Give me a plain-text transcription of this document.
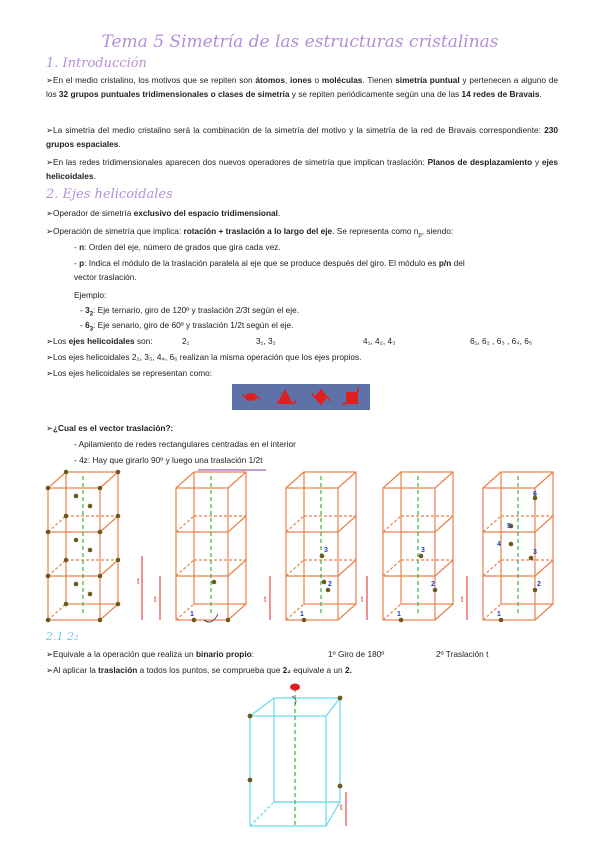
Tema 5 Simetría de las estructuras cristalinas
1. Introducción
➢En el medio cristalino, los motivos que se repiten son átomos, iones o moléculas. Tienen simetría puntual y pertenecen a alguno de los 32 grupos puntuales tridimensionales o clases de simetría y se repiten periódicamente según una de las 14 redes de Bravais.
➢La simetría del medio cristalino será la combinación de la simetría del motivo y la simetría de la red de Bravais correspondiente: 230 grupos espaciales.
➢En las redes tridimensionales aparecen dos nuevos operadores de simetría que implican traslación: Planos de desplazamiento y ejes helicoidales.
2. Ejes helicoidales
➢Operador de simetría exclusivo del espacio tridimensional.
➢Operación de simetría que implica: rotación + traslación a lo largo del eje. Se representa como $n_p$, siendo:
- n: Orden del eje, número de grados que gira cada vez.
- p: Indica el módulo de la traslación paralela al eje que se produce después del giro. El módulo es p/n del
vector traslación.
Ejemplo:
- $3_2$: Eje ternario, giro de 120º y traslación 2/3t según el eje.
- $6_3$: Eje senario, giro de 60º y traslación 1/2t según el eje.
➢Los ejes helicoidales son:	2₁	3₁, 3₂	4₁, 4₂, 4₃	6₁, 6₂ , 6₃ , 6₄, 6₅
➢Los ejes helicoidales 2₂, 3₃, 4₄, 6₆ realizan la misma operación que los ejes propios.
➢Los ejes helicoidales se representan como:
➢¿Cual es el vector traslación?:
- Apilamiento de redes rectangulares centradas en el interior
- 4z: Hay que girarlo 90º y luego una traslación 1/2t
t
t
1
t
1
2
3
t
1
2
3
t
1
2
3
4
5
6
2.1 2₂
➢Equivale a la operación que realiza un binario propio:	1º Giro de 180º	2º Traslación t
➢Al aplicar la traslación a todos los puntos, se comprueba que 2₂ equivale a un 2.
t
